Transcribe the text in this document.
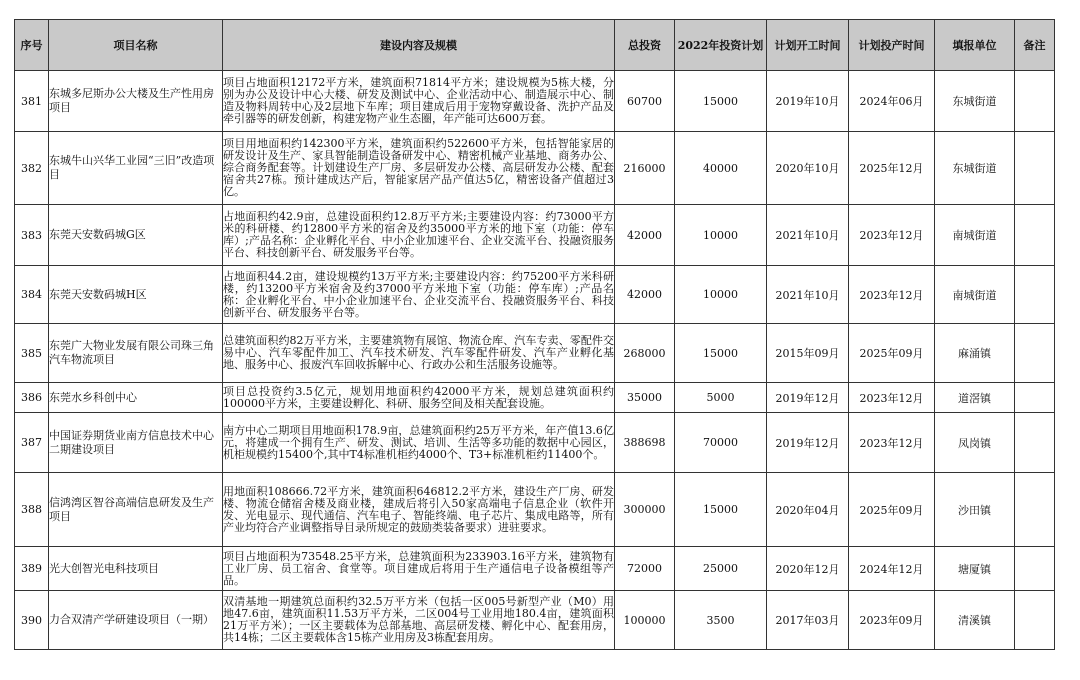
序号	项目名称	建设内容及规模	总投资	2022年投资计划	计划开工时间	计划投产时间	填报单位	备注
381	东城多尼斯办公大楼及生产性用房项目	项目占地面积12172平方米，建筑面积71814平方米；建设规模为5栋大楼，分别为办公及设计中心大楼、研发及测试中心、企业活动中心、制造展示中心、制造及物料周转中心及2层地下车库；项目建成后用于宠物穿戴设备、洗护产品及牵引器等的研发创新，构建宠物产业生态圈，年产能可达600万套。	60700	15000	2019年10月	2024年06月	东城街道	
382	东城牛山兴华工业园“三旧”改造项目	项目用地面积约142300平方米，建筑面积约522600平方米，包括智能家居的研发设计及生产、家具智能制造设备研发中心、精密机械产业基地、商务办公、综合商务配套等。计划建设生产厂房、多层研发办公楼、高层研发办公楼、配套宿舍共27栋。预计建成达产后，智能家居产品产值达5亿，精密设备产值超过3亿。	216000	40000	2020年10月	2025年12月	东城街道	
383	东莞天安数码城G区	占地面积约42.9亩，总建设面积约12.8万平方米;主要建设内容：约73000平方米的科研楼、约12800平方米的宿舍及约35000平方米的地下室（功能：停车库）;产品名称：企业孵化平台、中小企业加速平台、企业交流平台、投融资服务平台、科技创新平台、研发服务平台等。	42000	10000	2021年10月	2023年12月	南城街道	
384	东莞天安数码城H区	占地面积44.2亩，建设规模约13万平方米;主要建设内容：约75200平方米科研楼，约13200平方米宿舍及约37000平方米地下室（功能：停车库）;产品名称：企业孵化平台、中小企业加速平台、企业交流平台、投融资服务平台、科技创新平台、研发服务平台等。	42000	10000	2021年10月	2023年12月	南城街道	
385	东莞广大物业发展有限公司珠三角汽车物流项目	总建筑面积约82万平方米，主要建筑物有展馆、物流仓库、汽车专卖、零配件交易中心、汽车零配件加工、汽车技术研发、汽车零配件研发、汽车产业孵化基地、服务中心、报废汽车回收拆解中心、行政办公和生活服务设施等。	268000	15000	2015年09月	2025年09月	麻涌镇	
386	东莞水乡科创中心	项目总投资约3.5亿元，规划用地面积约42000平方米，规划总建筑面积约100000平方米，主要建设孵化、科研、服务空间及相关配套设施。	35000	5000	2019年12月	2023年12月	道滘镇	
387	中国证券期货业南方信息技术中心二期建设项目	南方中心二期项目用地面积178.9亩，总建筑面积约25万平方米，年产值13.6亿元，将建成一个拥有生产、研发、测试、培训、生活等多功能的数据中心园区，机柜规模约15400个,其中T4标准机柜约4000个、T3+标准机柜约11400个。	388698	70000	2019年12月	2023年12月	凤岗镇	
388	信鸿湾区智谷高端信息研发及生产项目	用地面积108666.72平方米，建筑面积646812.2平方米，建设生产厂房、研发楼、物流仓储宿舍楼及商业楼，建成后将引入50家高端电子信息企业（软件开发、光电显示、现代通信、汽车电子、智能终端、电子芯片、集成电路等，所有产业均符合产业调整指导目录所规定的鼓励类装备要求）进驻要求。	300000	15000	2020年04月	2025年09月	沙田镇	
389	光大创智光电科技项目	项目占地面积为73548.25平方米，总建筑面积为233903.16平方米，建筑物有工业厂房、员工宿舍、食堂等。项目建成后将用于生产通信电子设备模组等产品。	72000	25000	2020年12月	2024年12月	塘厦镇	
390	力合双清产学研建设项目（一期）	双清基地一期建筑总面积约32.5万平方米（包括一区005号新型产业（M0）用地47.6亩，建筑面积11.53万平方米，二区004号工业用地180.4亩，建筑面积21万平方米）；一区主要载体为总部基地、高层研发楼、孵化中心、配套用房，共14栋；二区主要载体含15栋产业用房及3栋配套用房。	100000	3500	2017年03月	2023年09月	清溪镇	
